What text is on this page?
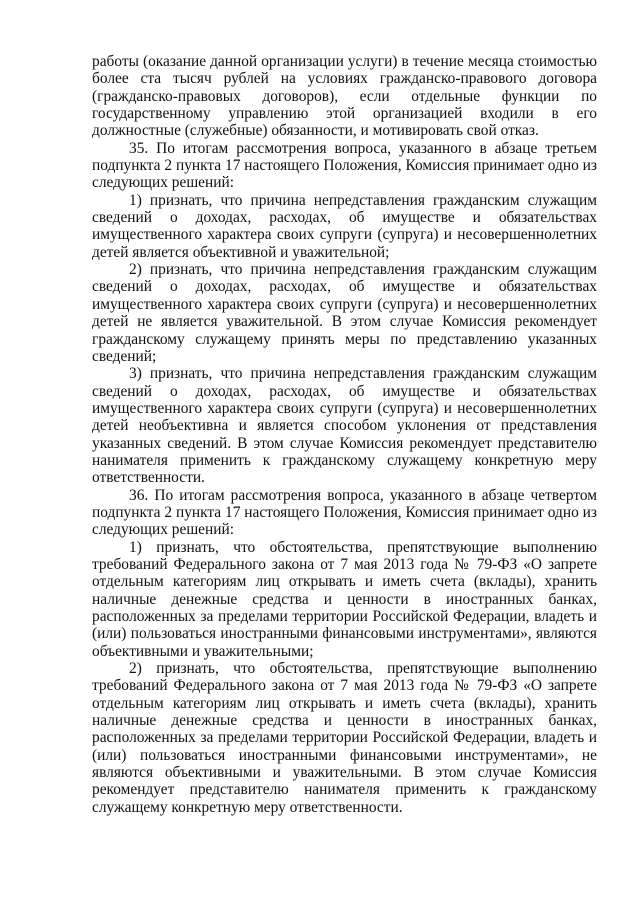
работы (оказание данной организации услуги) в течение месяца стоимостью более ста тысяч рублей на условиях гражданско-правового договора (гражданско-правовых договоров), если отдельные функции по государственному управлению этой организацией входили в его должностные (служебные) обязанности, и мотивировать свой отказ.

35. По итогам рассмотрения вопроса, указанного в абзаце третьем подпункта 2 пункта 17 настоящего Положения, Комиссия принимает одно из следующих решений:

1) признать, что причина непредставления гражданским служащим сведений о доходах, расходах, об имуществе и обязательствах имущественного характера своих супруги (супруга) и несовершеннолетних детей является объективной и уважительной;

2) признать, что причина непредставления гражданским служащим сведений о доходах, расходах, об имуществе и обязательствах имущественного характера своих супруги (супруга) и несовершеннолетних детей не является уважительной. В этом случае Комиссия рекомендует гражданскому служащему принять меры по представлению указанных сведений;

3) признать, что причина непредставления гражданским служащим сведений о доходах, расходах, об имуществе и обязательствах имущественного характера своих супруги (супруга) и несовершеннолетних детей необъективна и является способом уклонения от представления указанных сведений. В этом случае Комиссия рекомендует представителю нанимателя применить к гражданскому служащему конкретную меру ответственности.

36. По итогам рассмотрения вопроса, указанного в абзаце четвертом подпункта 2 пункта 17 настоящего Положения, Комиссия принимает одно из следующих решений:

1) признать, что обстоятельства, препятствующие выполнению требований Федерального закона от 7 мая 2013 года № 79-ФЗ «О запрете отдельным категориям лиц открывать и иметь счета (вклады), хранить наличные денежные средства и ценности в иностранных банках, расположенных за пределами территории Российской Федерации, владеть и (или) пользоваться иностранными финансовыми инструментами», являются объективными и уважительными;

2) признать, что обстоятельства, препятствующие выполнению требований Федерального закона от 7 мая 2013 года № 79-ФЗ «О запрете отдельным категориям лиц открывать и иметь счета (вклады), хранить наличные денежные средства и ценности в иностранных банках, расположенных за пределами территории Российской Федерации, владеть и (или) пользоваться иностранными финансовыми инструментами», не являются объективными и уважительными. В этом случае Комиссия рекомендует представителю нанимателя применить к гражданскому служащему конкретную меру ответственности.
